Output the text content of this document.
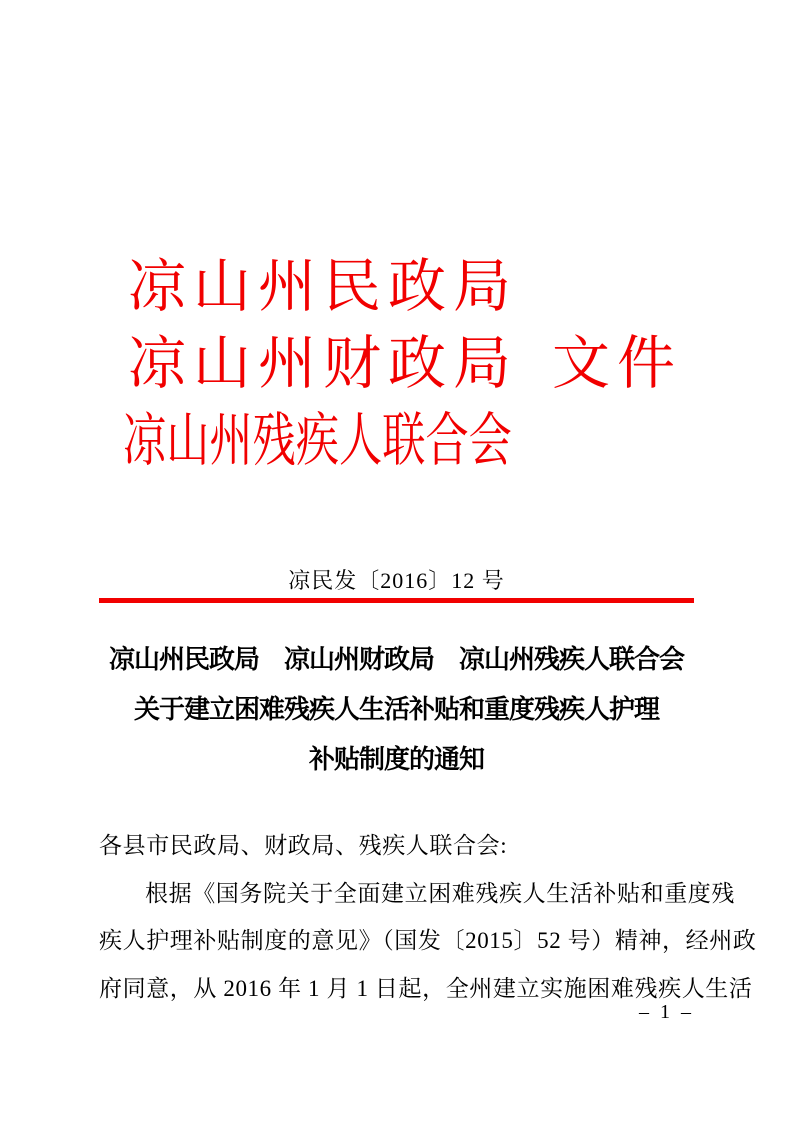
凉山州民政局
凉山州财政局 文件
凉山州残疾人联合会
凉民发〔2016〕12 号
凉山州民政局　凉山州财政局　凉山州残疾人联合会
关于建立困难残疾人生活补贴和重度残疾人护理
补贴制度的通知
各县市民政局、财政局、残疾人联合会:
根据《国务院关于全面建立困难残疾人生活补贴和重度残
疾人护理补贴制度的意见》（国发〔2015〕52 号）精神，经州政
府同意，从 2016 年 1 月 1 日起，全州建立实施困难残疾人生活
– 1 –
